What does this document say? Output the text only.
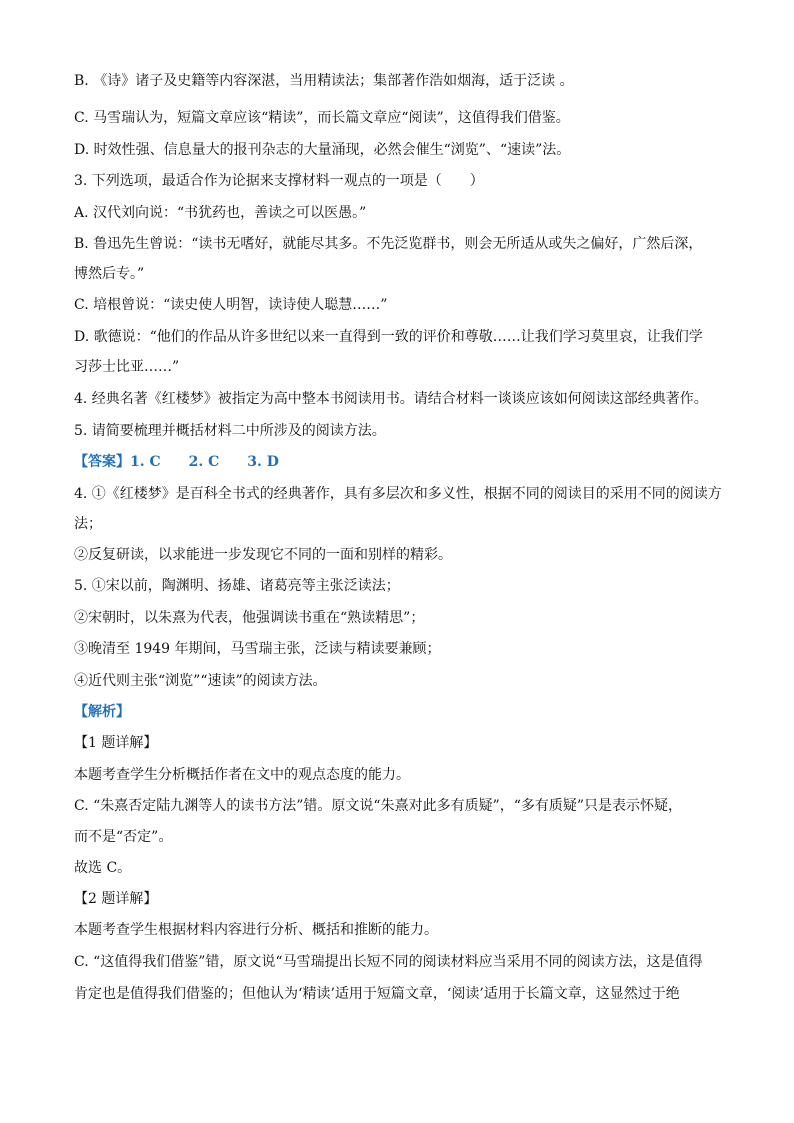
B. 《诗》诸子及史籍等内容深湛，当用精读法；集部著作浩如烟海，适于泛读 。
C. 马雪瑞认为，短篇文章应该“精读”，而长篇文章应“阅读”，这值得我们借鉴。
D. 时效性强、信息量大的报刊杂志的大量涌现，必然会催生“浏览”、“速读”法。
3. 下列选项，最适合作为论据来支撑材料一观点的一项是（　　）
A. 汉代刘向说：“书犹药也，善读之可以医愚。”
B. 鲁迅先生曾说：“读书无嗜好，就能尽其多。不先泛览群书，则会无所适从或失之偏好，广然后深，
博然后专。”
C. 培根曾说：“读史使人明智，读诗使人聪慧……”
D. 歌德说：“他们的作品从许多世纪以来一直得到一致的评价和尊敬……让我们学习莫里哀，让我们学
习莎士比亚……”
4. 经典名著《红楼梦》被指定为高中整本书阅读用书。请结合材料一谈谈应该如何阅读这部经典著作。
5. 请简要梳理并概括材料二中所涉及的阅读方法。
【答案】1. C　　2. C　　3. D
4. ①《红楼梦》是百科全书式的经典著作，具有多层次和多义性，根据不同的阅读目的采用不同的阅读方
法；
②反复研读，以求能进一步发现它不同的一面和别样的精彩。
5. ①宋以前，陶渊明、扬雄、诸葛亮等主张泛读法；
②宋朝时，以朱熹为代表，他强调读书重在“熟读精思”；
③晚清至 1949 年期间，马雪瑞主张，泛读与精读要兼顾；
④近代则主张“浏览”“速读”的阅读方法。
【解析】
【1 题详解】
本题考查学生分析概括作者在文中的观点态度的能力。
C. “朱熹否定陆九渊等人的读书方法”错。原文说“朱熹对此多有质疑”，“多有质疑”只是表示怀疑，
而不是“否定”。
故选 C。
【2 题详解】
本题考查学生根据材料内容进行分析、概括和推断的能力。
C. “这值得我们借鉴”错，原文说“马雪瑞提出长短不同的阅读材料应当采用不同的阅读方法，这是值得
肯定也是值得我们借鉴的；但他认为‘精读’适用于短篇文章，‘阅读’适用于长篇文章，这显然过于绝
